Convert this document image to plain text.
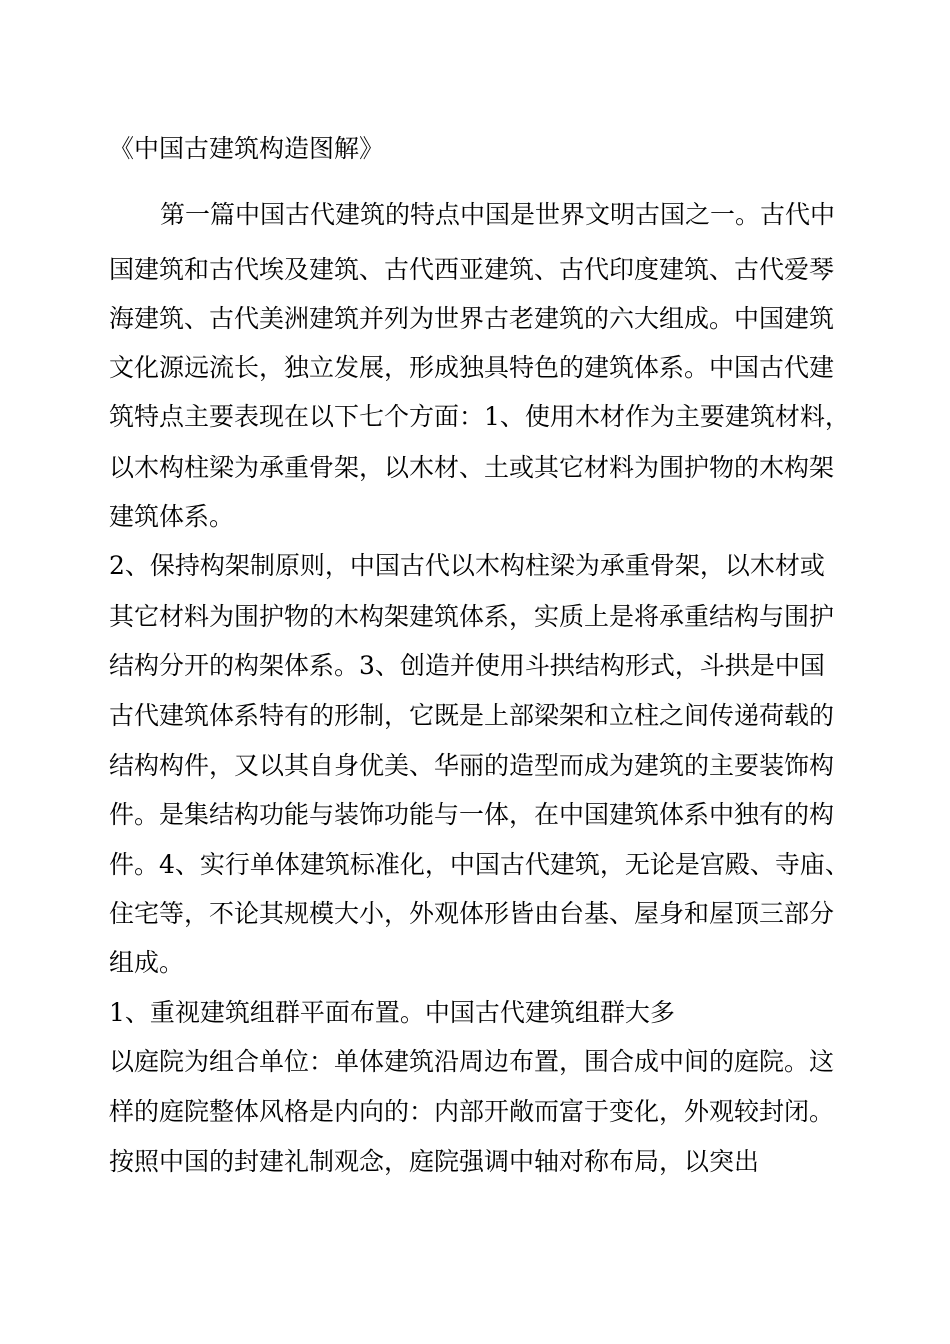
《中国古建筑构造图解》
第一篇中国古代建筑的特点中国是世界文明古国之一。古代中
国建筑和古代埃及建筑、古代西亚建筑、古代印度建筑、古代爱琴
海建筑、古代美洲建筑并列为世界古老建筑的六大组成。中国建筑
文化源远流长，独立发展，形成独具特色的建筑体系。中国古代建
筑特点主要表现在以下七个方面：1、使用木材作为主要建筑材料，
以木构柱梁为承重骨架，以木材、土或其它材料为围护物的木构架
建筑体系。
2、保持构架制原则，中国古代以木构柱梁为承重骨架，以木材或
其它材料为围护物的木构架建筑体系，实质上是将承重结构与围护
结构分开的构架体系。3、创造并使用斗拱结构形式，斗拱是中国
古代建筑体系特有的形制，它既是上部梁架和立柱之间传递荷载的
结构构件，又以其自身优美、华丽的造型而成为建筑的主要装饰构
件。是集结构功能与装饰功能与一体，在中国建筑体系中独有的构
件。4、实行单体建筑标准化，中国古代建筑，无论是宫殿、寺庙、
住宅等，不论其规模大小，外观体形皆由台基、屋身和屋顶三部分
组成。
1、重视建筑组群平面布置。中国古代建筑组群大多
以庭院为组合单位：单体建筑沿周边布置，围合成中间的庭院。这
样的庭院整体风格是内向的：内部开敞而富于变化，外观较封闭。
按照中国的封建礼制观念，庭院强调中轴对称布局，以突出
